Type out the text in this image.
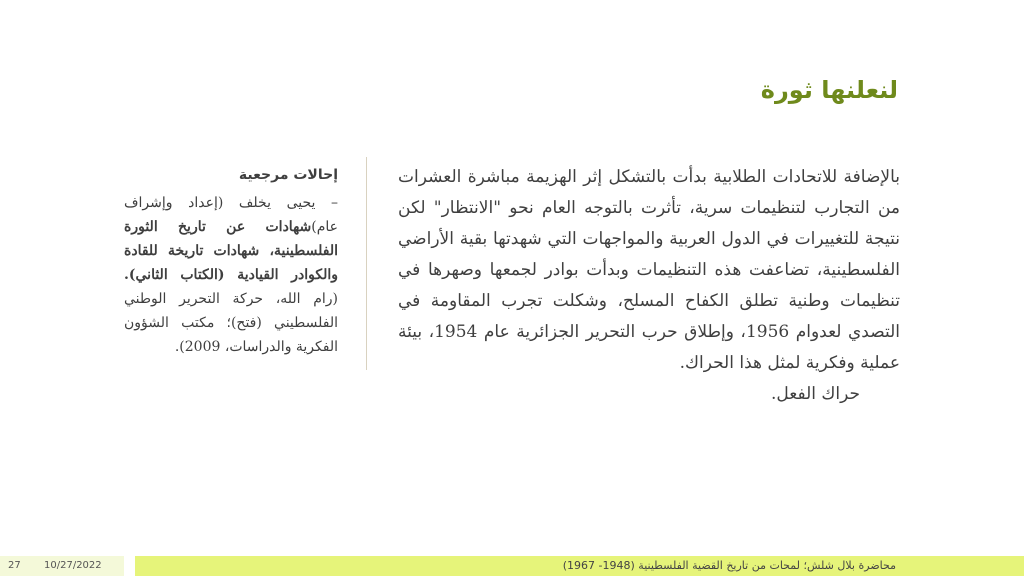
لنعلنها ثورة

بالإضافة للاتحادات الطلابية بدأت بالتشكل إثر الهزيمة مباشرة العشرات من التجارب لتنظيمات سرية، تأثرت بالتوجه العام نحو "الانتظار" لكن نتيجة للتغييرات في الدول العربية والمواجهات التي شهدتها بقية الأراضي الفلسطينية، تضاعفت هذه التنظيمات وبدأت بوادر لجمعها وصهرها في تنظيمات وطنية تطلق الكفاح المسلح، وشكلت تجرب المقاومة في التصدي لعدوام 1956، وإطلاق حرب التحرير الجزائرية عام 1954، بيئة عملية وفكرية لمثل هذا الحراك.

حراك الفعل.

إحالات مرجعية

– يحيى يخلف (إعداد وإشراف عام)شهادات عن تاريخ الثورة الفلسطينية، شهادات تاريخة للقادة والكوادر القيادية (الكتاب الثاني). (رام الله، حركة التحرير الوطني الفلسطيني (فتح)؛ مكتب الشؤون الفكرية والدراسات، 2009).

27 10/27/2022	محاضرة بلال شلش؛ لمحات من تاريخ القضية الفلسطينية (1948- 1967)
